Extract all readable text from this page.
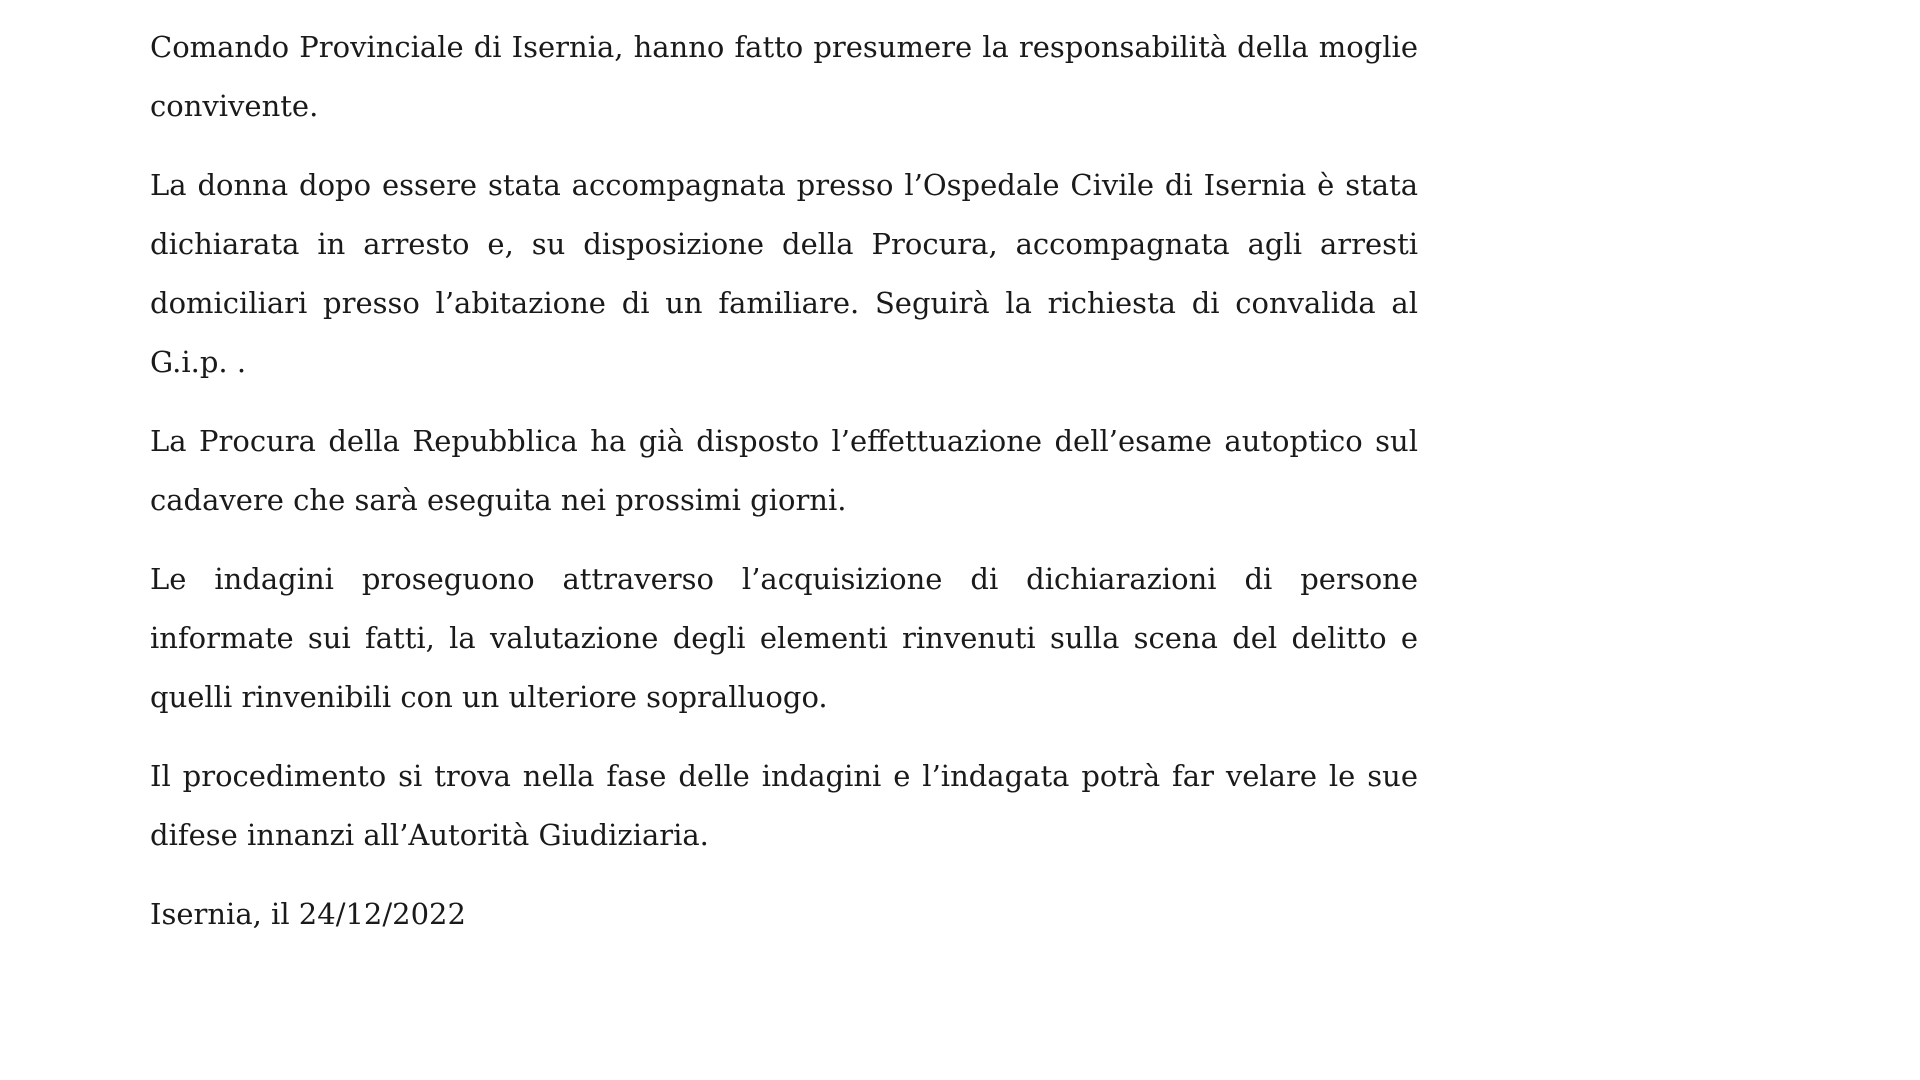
Comando Provinciale di Isernia, hanno fatto presumere la responsabilità della moglie convivente.

La donna dopo essere stata accompagnata presso l’Ospedale Civile di Isernia è stata dichiarata in arresto e, su disposizione della Procura, accompagnata agli arresti domiciliari presso l’abitazione di un familiare. Seguirà la richiesta di convalida al G.i.p. .

La Procura della Repubblica ha già disposto l’effettuazione dell’esame autoptico sul cadavere che sarà eseguita nei prossimi giorni.

Le indagini proseguono attraverso l’acquisizione di dichiarazioni di persone informate sui fatti, la valutazione degli elementi rinvenuti sulla scena del delitto e quelli rinvenibili con un ulteriore sopralluogo.

Il procedimento si trova nella fase delle indagini e l’indagata potrà far velare le sue difese innanzi all’Autorità Giudiziaria.

Isernia, il 24/12/2022
